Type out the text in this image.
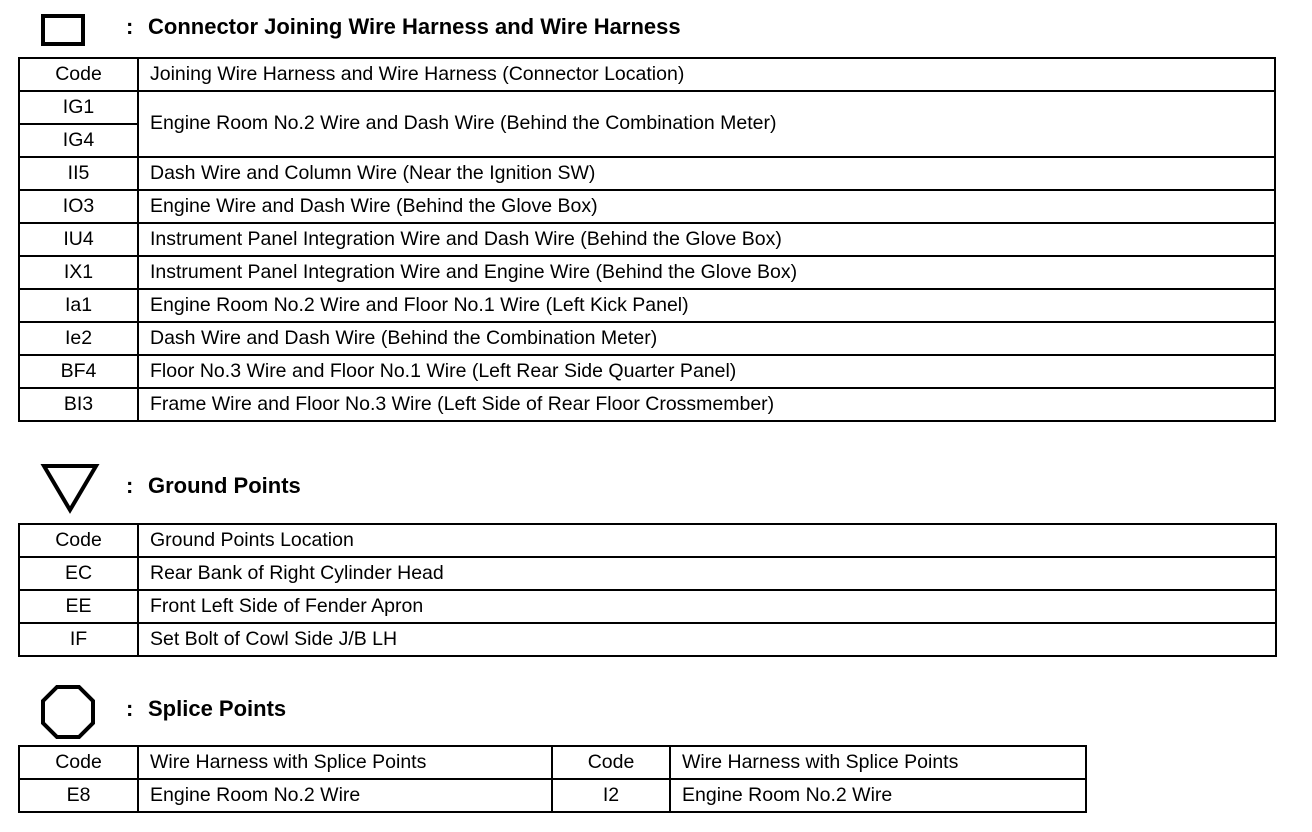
: Connector Joining Wire Harness and Wire Harness
Code	Joining Wire Harness and Wire Harness (Connector Location)
IG1	Engine Room No.2 Wire and Dash Wire (Behind the Combination Meter)
IG4	
II5	Dash Wire and Column Wire (Near the Ignition SW)
IO3	Engine Wire and Dash Wire (Behind the Glove Box)
IU4	Instrument Panel Integration Wire and Dash Wire (Behind the Glove Box)
IX1	Instrument Panel Integration Wire and Engine Wire (Behind the Glove Box)
Ia1	Engine Room No.2 Wire and Floor No.1 Wire (Left Kick Panel)
Ie2	Dash Wire and Dash Wire (Behind the Combination Meter)
BF4	Floor No.3 Wire and Floor No.1 Wire (Left Rear Side Quarter Panel)
BI3	Frame Wire and Floor No.3 Wire (Left Side of Rear Floor Crossmember)
: Ground Points
Code	Ground Points Location
EC	Rear Bank of Right Cylinder Head
EE	Front Left Side of Fender Apron
IF	Set Bolt of Cowl Side J/B LH
: Splice Points
Code	Wire Harness with Splice Points	Code	Wire Harness with Splice Points
E8	Engine Room No.2 Wire	I2	Engine Room No.2 Wire
